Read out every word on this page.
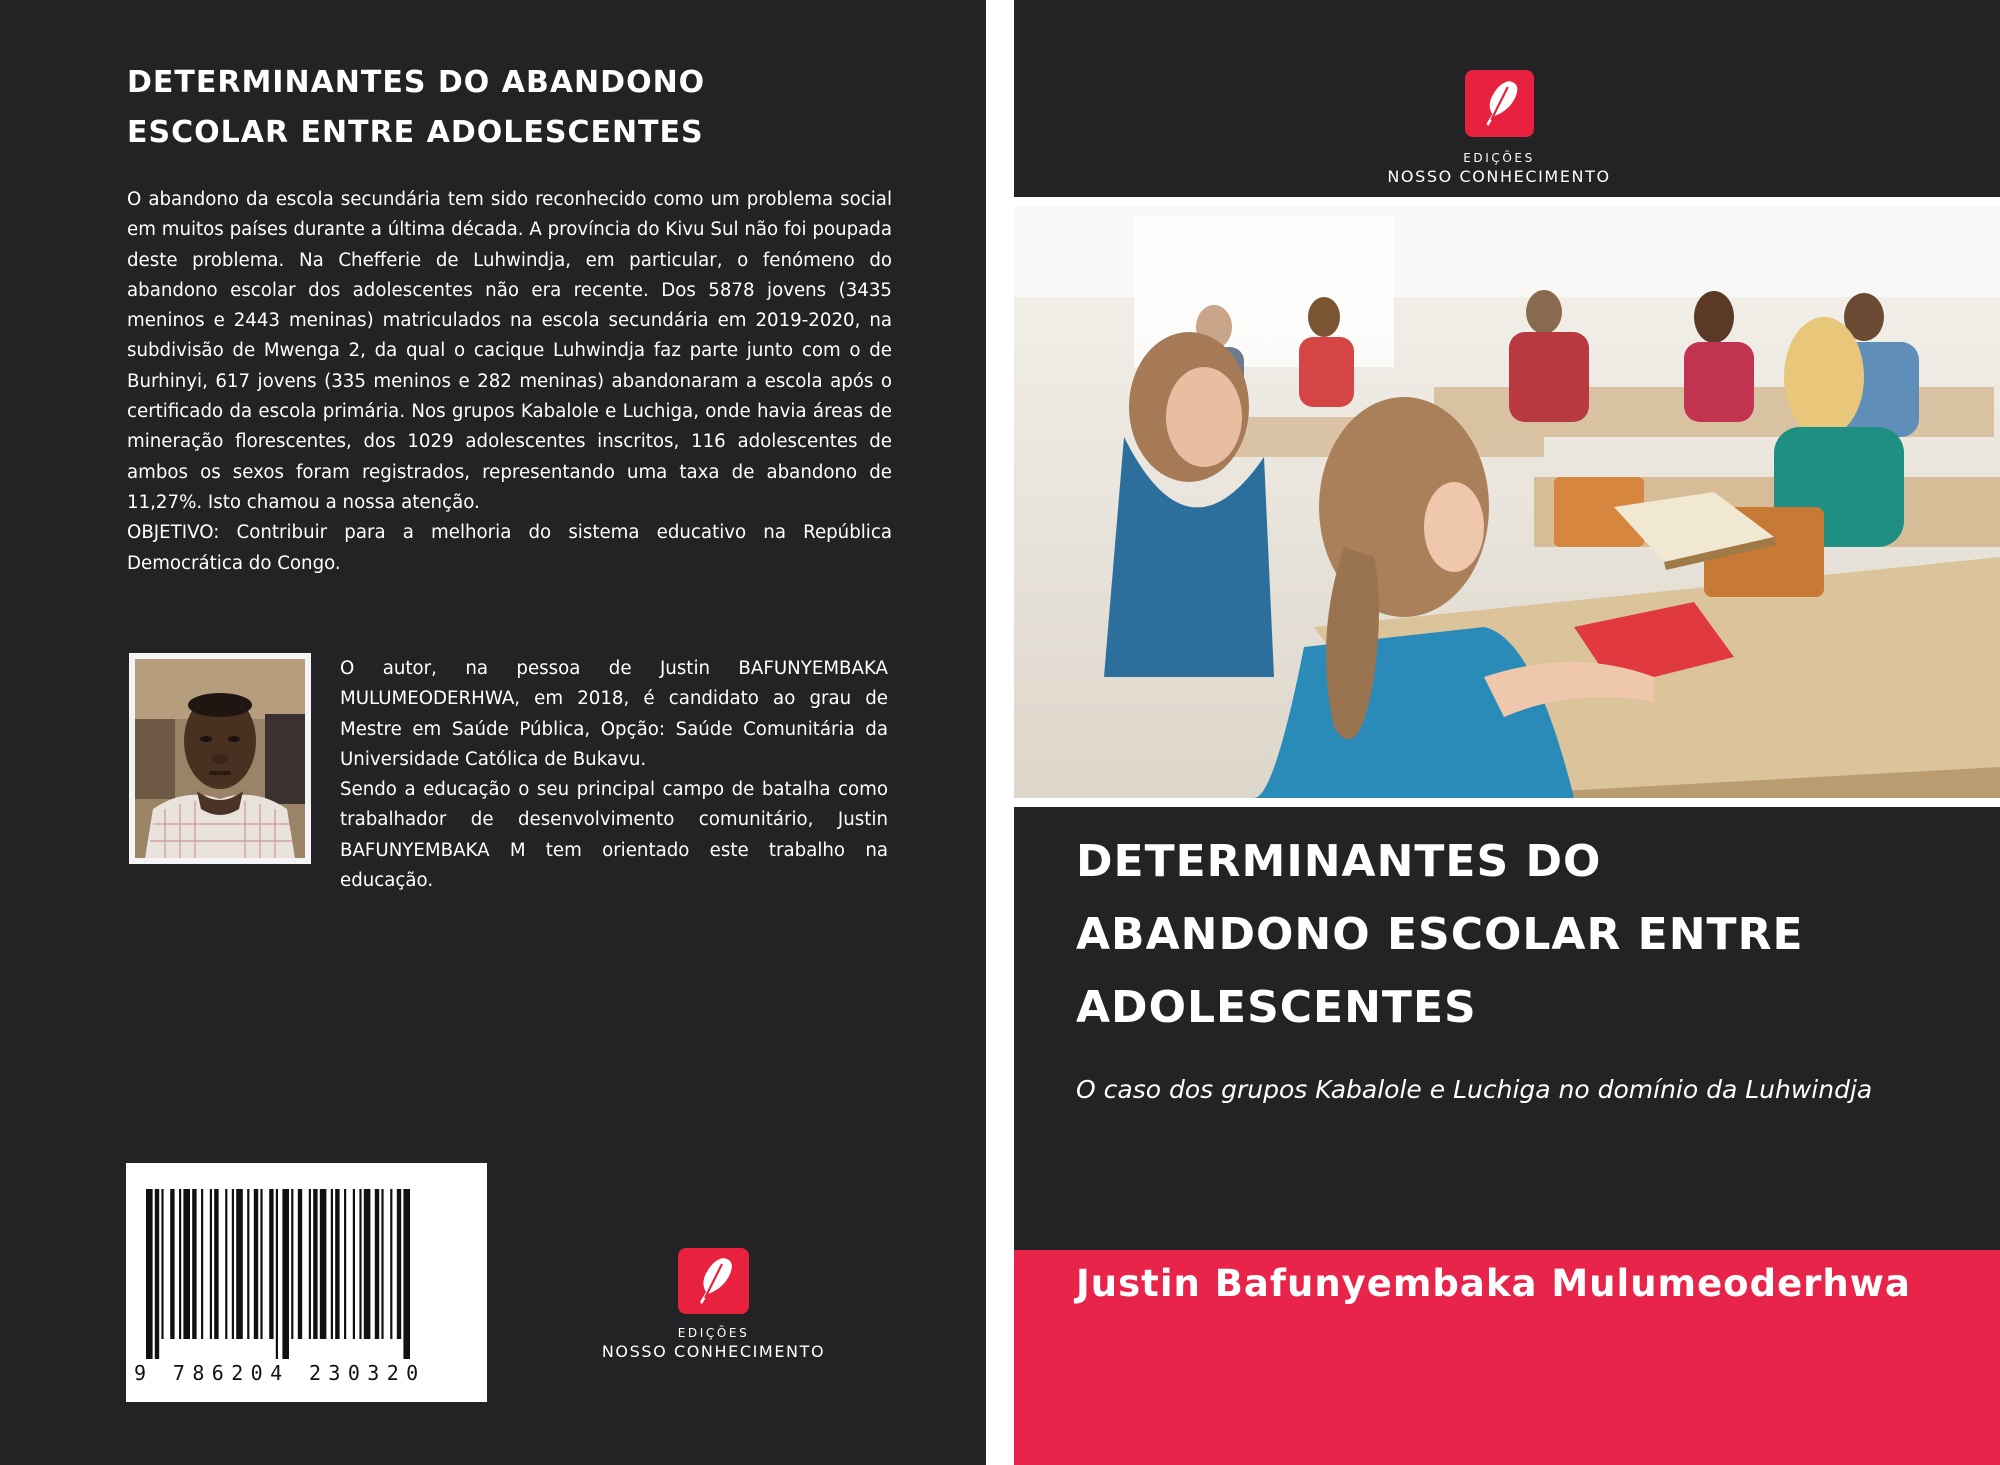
DETERMINANTES DO ABANDONO
ESCOLAR ENTRE ADOLESCENTES

O abandono da escola secundária tem sido reconhecido como um problema social em muitos países durante a última década. A província do Kivu Sul não foi poupada deste problema. Na Chefferie de Luhwindja, em particular, o fenómeno do abandono escolar dos adolescentes não era recente. Dos 5878 jovens (3435 meninos e 2443 meninas) matriculados na escola secundária em 2019-2020, na subdivisão de Mwenga 2, da qual o cacique Luhwindja faz parte junto com o de Burhinyi, 617 jovens (335 meninos e 282 meninas) abandonaram a escola após o certificado da escola primária. Nos grupos Kabalole e Luchiga, onde havia áreas de mineração florescentes, dos 1029 adolescentes inscritos, 116 adolescentes de ambos os sexos foram registrados, representando uma taxa de abandono de 11,27%. Isto chamou a nossa atenção.

OBJETIVO: Contribuir para a melhoria do sistema educativo na República Democrática do Congo.

O autor, na pessoa de Justin BAFUNYEMBAKA MULUMEODERHWA, em 2018, é candidato ao grau de Mestre em Saúde Pública, Opção: Saúde Comunitária da Universidade Católica de Bukavu.

Sendo a educação o seu principal campo de batalha como trabalhador de desenvolvimento comunitário, Justin BAFUNYEMBAKA M tem orientado este trabalho na educação.

9 786204 230320
EDIÇÕES
NOSSO CONHECIMENTO
EDIÇÕES
NOSSO CONHECIMENTO
DETERMINANTES DO
ABANDONO ESCOLAR ENTRE
ADOLESCENTES
O caso dos grupos Kabalole e Luchiga no domínio da Luhwindja
Justin Bafunyembaka Mulumeoderhwa
